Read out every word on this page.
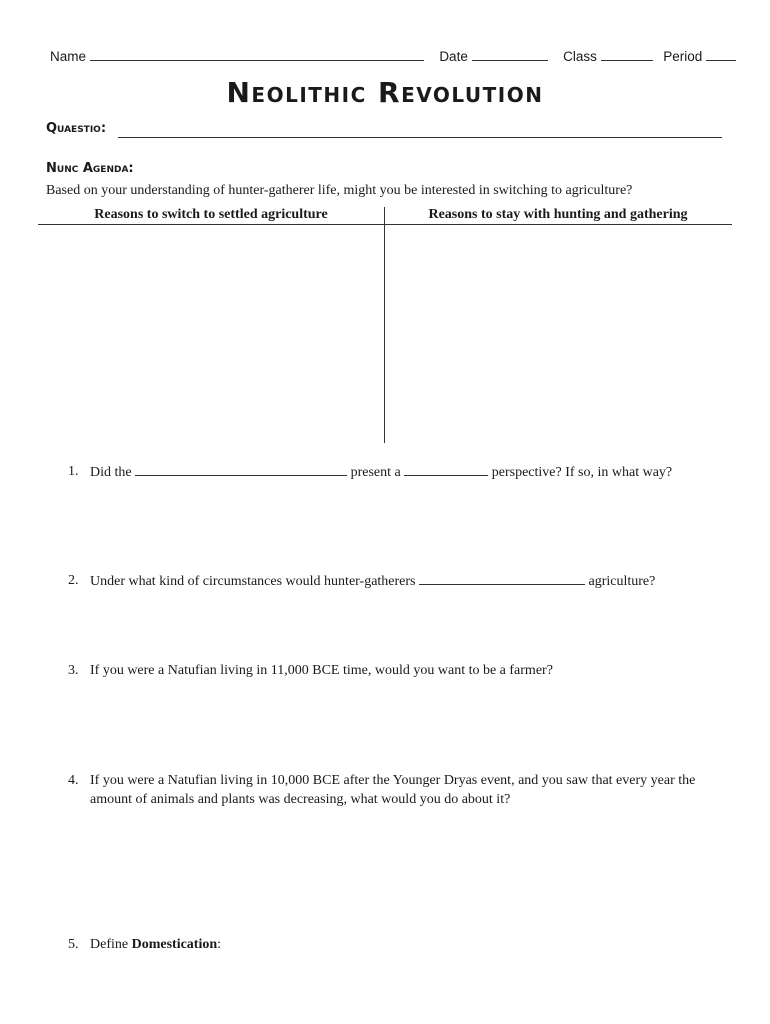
Name	Date	Class	Period
Neolithic Revolution
Quaestio:
Nunc Agenda:
Based on your understanding of hunter-gatherer life, might you be interested in switching to agriculture?
Reasons to switch to settled agriculture	Reasons to stay with hunting and gathering
1. Did the	present a	perspective? If so, in what way?
2. Under what kind of circumstances would hunter-gatherers	agriculture?
3. If you were a Natufian living in 11,000 BCE time, would you want to be a farmer?
4. If you were a Natufian living in 10,000 BCE after the Younger Dryas event, and you saw that every year the amount of animals and plants was decreasing, what would you do about it?
5. Define Domestication:
